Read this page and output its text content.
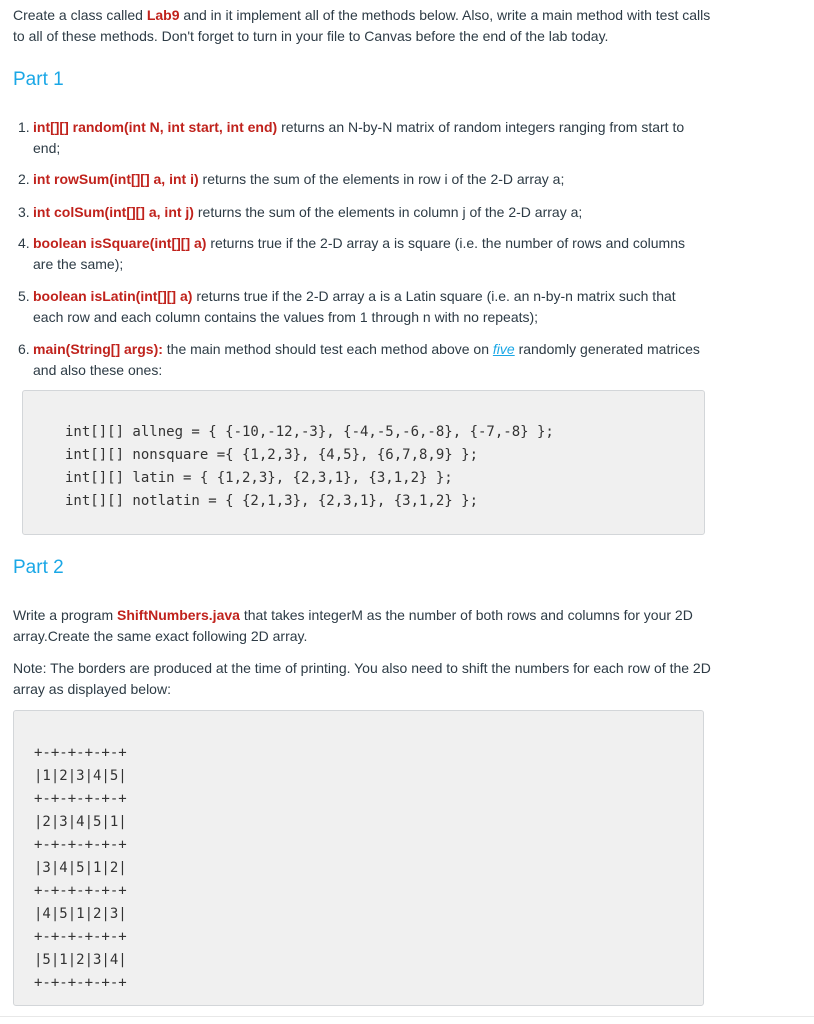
Create a class called Lab9 and in it implement all of the methods below. Also, write a main method with test calls to all of these methods. Don't forget to turn in your file to Canvas before the end of the lab today.

Part 1
1. int[][] random(int N, int start, int end) returns an N-by-N matrix of random integers ranging from start to end;
2. int rowSum(int[][] a, int i) returns the sum of the elements in row i of the 2-D array a;
3. int colSum(int[][] a, int j) returns the sum of the elements in column j of the 2-D array a;
4. boolean isSquare(int[][] a) returns true if the 2-D array a is square (i.e. the number of rows and columns are the same);
5. boolean isLatin(int[][] a) returns true if the 2-D array a is a Latin square (i.e. an n-by-n matrix such that each row and each column contains the values from 1 through n with no repeats);
6. main(String[] args): the main method should test each method above on five randomly generated matrices and also these ones:
int[][] allneg = { {-10,-12,-3}, {-4,-5,-6,-8}, {-7,-8} };
int[][] nonsquare ={ {1,2,3}, {4,5}, {6,7,8,9} };
int[][] latin = { {1,2,3}, {2,3,1}, {3,1,2} };
int[][] notlatin = { {2,1,3}, {2,3,1}, {3,1,2} };
Part 2

Write a program ShiftNumbers.java that takes integerM as the number of both rows and columns for your 2D array.Create the same exact following 2D array.

Note: The borders are produced at the time of printing. You also need to shift the numbers for each row of the 2D array as displayed below:

+-+-+-+-+-+
|1|2|3|4|5|
+-+-+-+-+-+
|2|3|4|5|1|
+-+-+-+-+-+
|3|4|5|1|2|
+-+-+-+-+-+
|4|5|1|2|3|
+-+-+-+-+-+
|5|1|2|3|4|
+-+-+-+-+-+
